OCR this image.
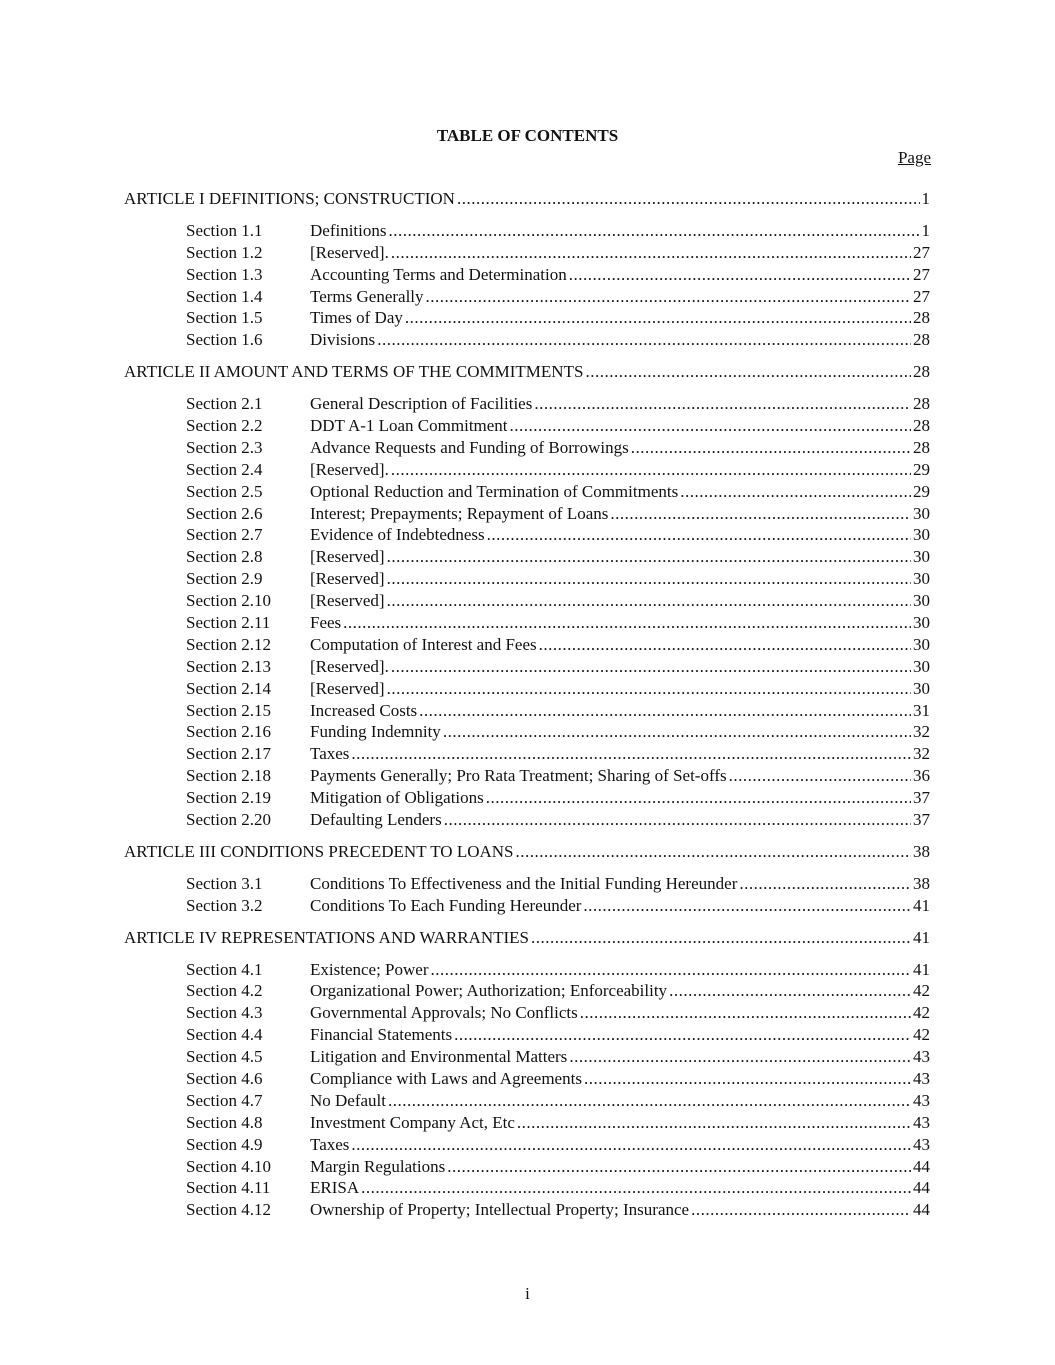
TABLE OF CONTENTS
Page
ARTICLE I DEFINITIONS; CONSTRUCTION .....	1
Section 1.1	Definitions .....	1
Section 1.2	[Reserved]. .....	27
Section 1.3	Accounting Terms and Determination .....	27
Section 1.4	Terms Generally .....	27
Section 1.5	Times of Day .....	28
Section 1.6	Divisions .....	28
ARTICLE II AMOUNT AND TERMS OF THE COMMITMENTS .....	28
Section 2.1	General Description of Facilities .....	28
Section 2.2	DDT A-1 Loan Commitment .....	28
Section 2.3	Advance Requests and Funding of Borrowings .....	28
Section 2.4	[Reserved]. .....	29
Section 2.5	Optional Reduction and Termination of Commitments .....	29
Section 2.6	Interest; Prepayments; Repayment of Loans .....	30
Section 2.7	Evidence of Indebtedness .....	30
Section 2.8	[Reserved] .....	30
Section 2.9	[Reserved] .....	30
Section 2.10	[Reserved] .....	30
Section 2.11	Fees .....	30
Section 2.12	Computation of Interest and Fees .....	30
Section 2.13	[Reserved]. .....	30
Section 2.14	[Reserved] .....	30
Section 2.15	Increased Costs .....	31
Section 2.16	Funding Indemnity .....	32
Section 2.17	Taxes .....	32
Section 2.18	Payments Generally; Pro Rata Treatment; Sharing of Set-offs .....	36
Section 2.19	Mitigation of Obligations .....	37
Section 2.20	Defaulting Lenders .....	37
ARTICLE III CONDITIONS PRECEDENT TO LOANS .....	38
Section 3.1	Conditions To Effectiveness and the Initial Funding Hereunder .....	38
Section 3.2	Conditions To Each Funding Hereunder .....	41
ARTICLE IV REPRESENTATIONS AND WARRANTIES .....	41
Section 4.1	Existence; Power .....	41
Section 4.2	Organizational Power; Authorization; Enforceability .....	42
Section 4.3	Governmental Approvals; No Conflicts .....	42
Section 4.4	Financial Statements .....	42
Section 4.5	Litigation and Environmental Matters .....	43
Section 4.6	Compliance with Laws and Agreements .....	43
Section 4.7	No Default .....	43
Section 4.8	Investment Company Act, Etc .....	43
Section 4.9	Taxes .....	43
Section 4.10	Margin Regulations .....	44
Section 4.11	ERISA .....	44
Section 4.12	Ownership of Property; Intellectual Property; Insurance .....	44
i
